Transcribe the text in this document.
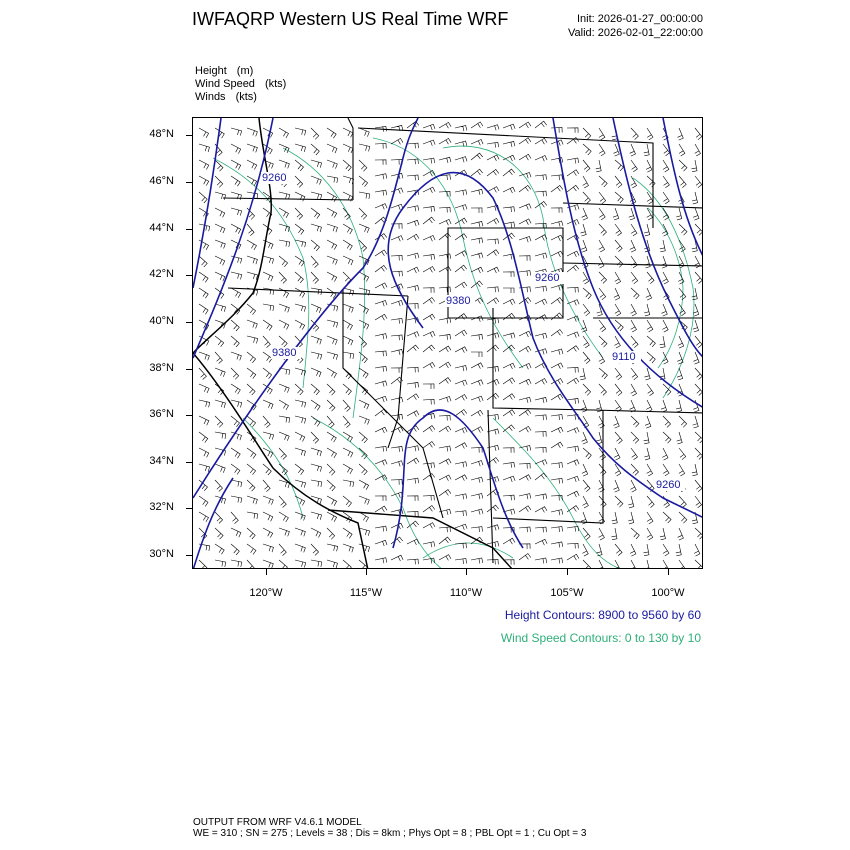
IWFAQRP Western US Real Time WRF	Init: 2026-01-27_00:00:00
Valid: 2026-02-01_22:00:00
Height (m)
Wind Speed (kts)
Winds (kts)
9260
9380
9260
9110
9380
9260
48°N
46°N
44°N
42°N
40°N
38°N
36°N
34°N
32°N
30°N
120°W	115°W	110°W	105°W	100°W
Height Contours: 8900 to 9560 by 60
Wind Speed Contours: 0 to 130 by 10
OUTPUT FROM WRF V4.6.1 MODEL
WE = 310 ; SN = 275 ; Levels = 38 ; Dis = 8km ; Phys Opt = 8 ; PBL Opt = 1 ; Cu Opt = 3
